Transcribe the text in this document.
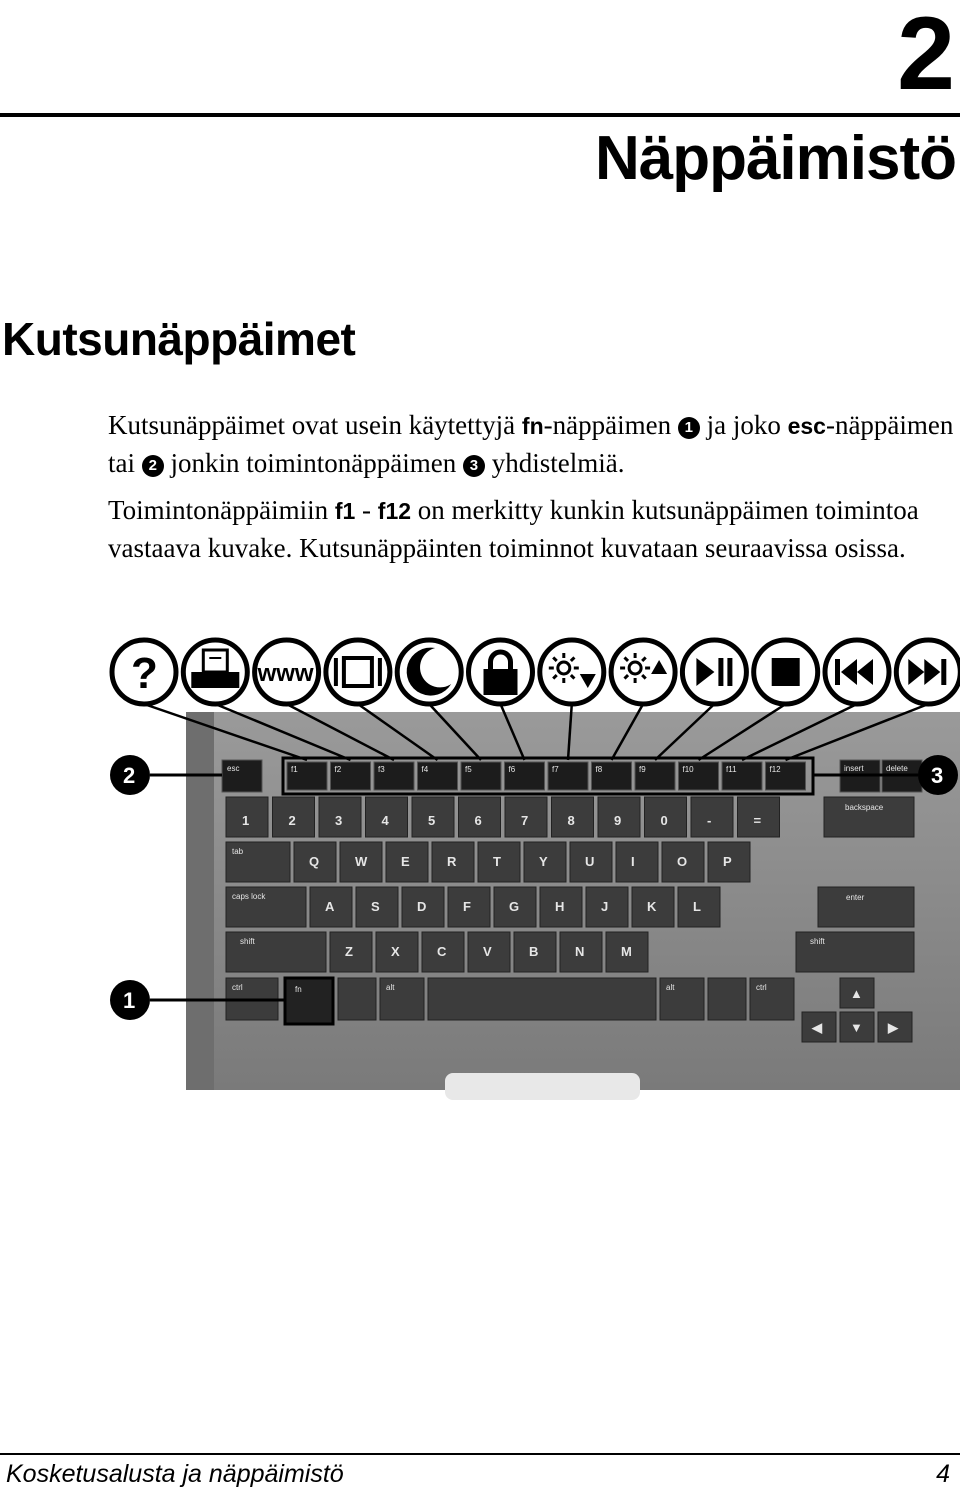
2
Näppäimistö
Kutsunäppäimet
Kutsunäppäimet ovat usein käytettyjä fn-näppäimen 1 ja joko esc-näppäimen tai 2 jonkin toimintonäppäimen 3 yhdistelmiä.
Toimintonäppäimiin f1 - f12 on merkitty kunkin kutsunäppäimen toimintoa vastaava kuvake. Kutsunäppäinten toiminnot kuvataan seuraavissa osissa.
esc	f1	f2	f3	f4	f5	f6	f7	f8	f9	f10	f11	f12	insert	delete
1	2	3	4	5	6	7	8	9	0	-	=
backspace
tab
Q	W	E	R	T	Y	U	I	O	P
caps lock
A	S	D	F	G	H	J	K	L
enter
shift
Z	X	C	V	B	N	M
shift
ctrl	fn	alt	alt	ctrl	▲
◀ ▼ ▶
?	www
2	3
1
Kosketusalusta ja näppäimistö	4
